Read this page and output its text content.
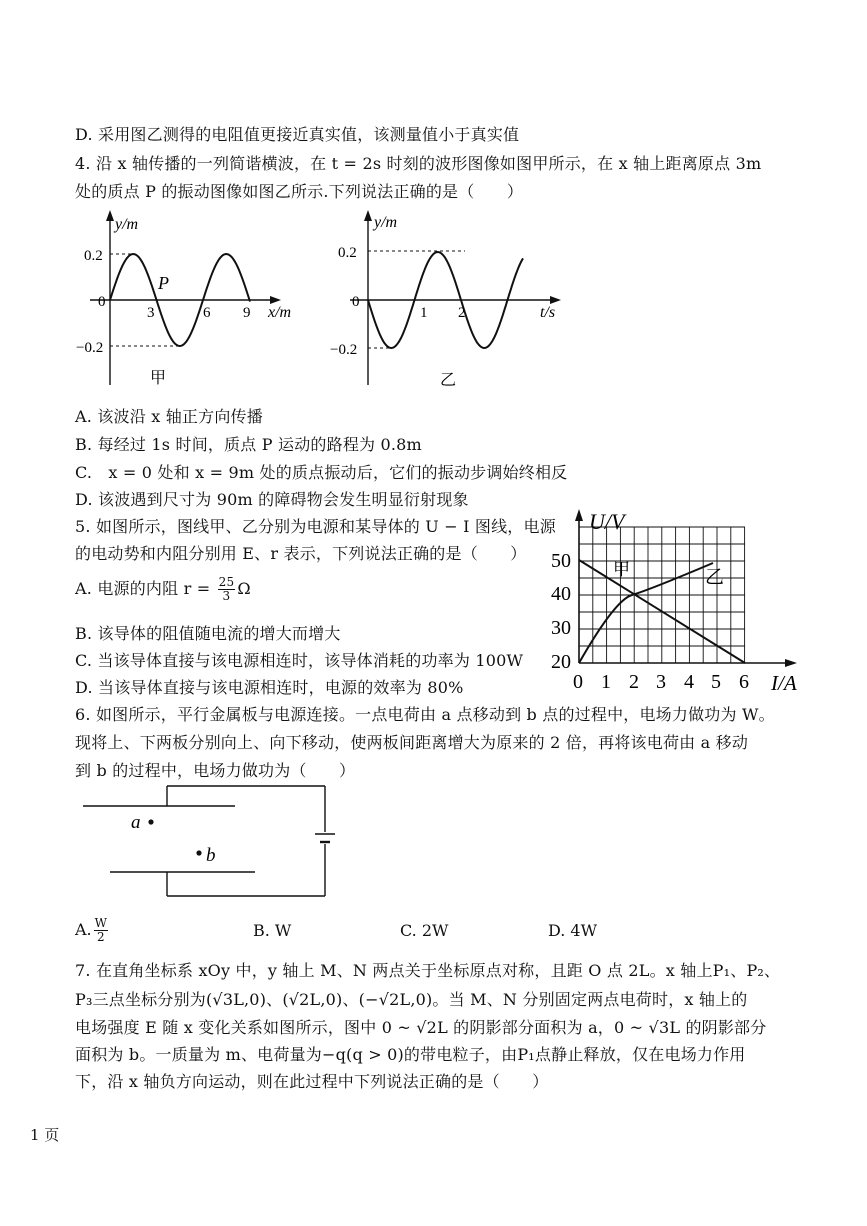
D. 采用图乙测得的电阻值更接近真实值，该测量值小于真实值
4. 沿 x 轴传播的一列简谐横波，在 t = 2s 时刻的波形图像如图甲所示，在 x 轴上距离原点 3m
处的质点 P 的振动图像如图乙所示.下列说法正确的是（　　）
y/m
x/m
0.2
0
−0.2
3	6 9
P
甲
y/m
t/s
0.2
0
−0.2
1 2
乙
A. 该波沿 x 轴正方向传播
B. 每经过 1s 时间，质点 P 运动的路程为 0.8m
C.　x = 0 处和 x = 9m 处的质点振动后，它们的振动步调始终相反
D. 该波遇到尺寸为 90m 的障碍物会发生明显衍射现象
5. 如图所示，图线甲、乙分别为电源和某导体的 U − I 图线，电源
的电动势和内阻分别用 E、r 表示，下列说法正确的是（　　）
A. 电源的内阻 $r = \frac{25}{3}$ Ω
B. 该导体的阻值随电流的增大而增大
C. 当该导体直接与该电源相连时，该导体消耗的功率为 100W
D. 当该导体直接与该电源相连时，电源的效率为 80%
U/V
I/A
50
40
30
20
0 1 2 3 4 5 6
甲	乙
6. 如图所示，平行金属板与电源连接。一点电荷由 a 点移动到 b 点的过程中，电场力做功为 W。
现将上、下两板分别向上、向下移动，使两板间距离增大为原来的 2 倍，再将该电荷由 a 移动
到 b 的过程中，电场力做功为（　　）
a
b
A. $\frac{W}{2}$	B. W	C. 2W	D. 4W
7. 在直角坐标系 xOy 中，y 轴上 M、N 两点关于坐标原点对称，且距 O 点 2L。x 轴上P₁、P₂、
P₃三点坐标分别为(√3L,0)、(√2L,0)、(−√2L,0)。当 M、N 分别固定两点电荷时，x 轴上的
电场强度 E 随 x 变化关系如图所示，图中 0 ~ √2L 的阴影部分面积为 a，0 ~ √3L 的阴影部分
面积为 b。一质量为 m、电荷量为−q(q > 0)的带电粒子，由P₁点静止释放，仅在电场力作用
下，沿 x 轴负方向运动，则在此过程中下列说法正确的是（　　）
1 页
